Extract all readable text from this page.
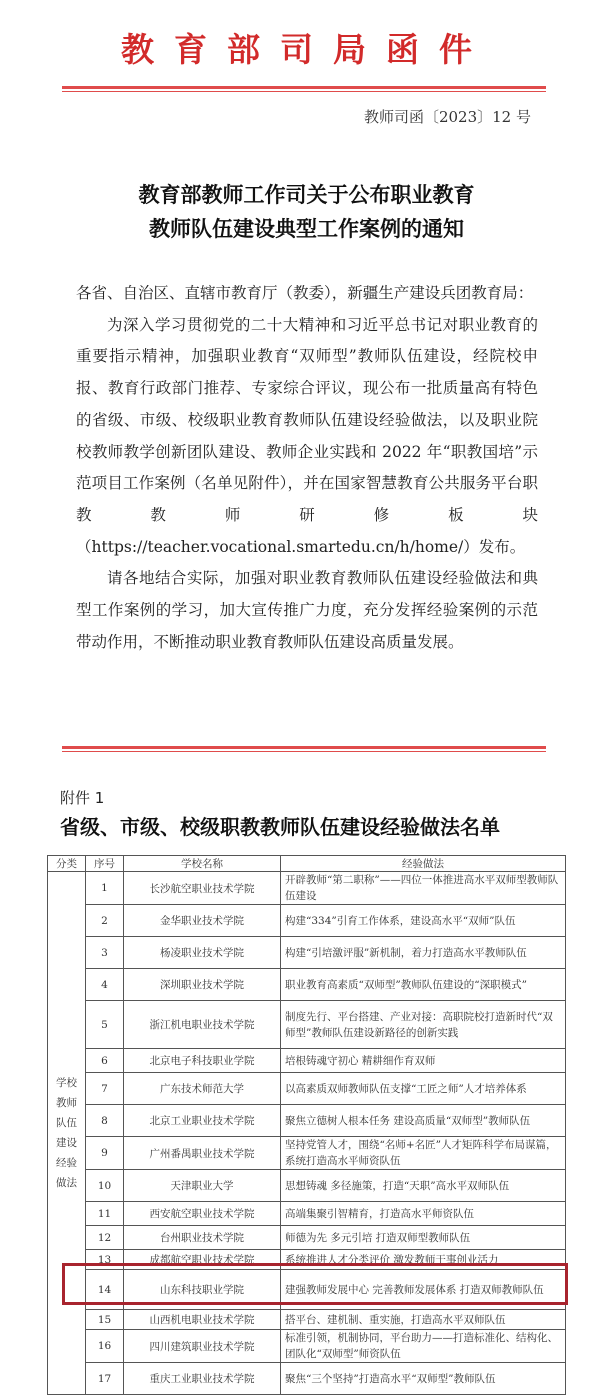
教育部司局函件
教师司函〔2023〕12 号
教育部教师工作司关于公布职业教育
教师队伍建设典型工作案例的通知

各省、自治区、直辖市教育厅（教委），新疆生产建设兵团教育局：

为深入学习贯彻党的二十大精神和习近平总书记对职业教育的重要指示精神，加强职业教育“双师型”教师队伍建设，经院校申报、教育行政部门推荐、专家综合评议，现公布一批质量高有特色的省级、市级、校级职业教育教师队伍建设经验做法，以及职业院校教师教学创新团队建设、教师企业实践和 2022 年“职教国培”示范项目工作案例（名单见附件），并在国家智慧教育公共服务平台职教教师研修板块（https://teacher.vocational.smartedu.cn/h/home/）发布。

请各地结合实际，加强对职业教育教师队伍建设经验做法和典型工作案例的学习，加大宣传推广力度，充分发挥经验案例的示范带动作用，不断推动职业教育教师队伍建设高质量发展。

附件 1
省级、市级、校级职教教师队伍建设经验做法名单
分类	序号	学校名称	经验做法
学校教师队伍建设经验做法	1	长沙航空职业技术学院	开辟教师“第二职称”——四位一体推进高水平双师型教师队伍建设
	2	金华职业技术学院	构建“334”引育工作体系，建设高水平“双师”队伍
	3	杨凌职业技术学院	构建“引培激评服”新机制，着力打造高水平教师队伍
	4	深圳职业技术学院	职业教育高素质“双师型”教师队伍建设的“深职模式”
	5	浙江机电职业技术学院	制度先行、平台搭建、产业对接：高职院校打造新时代“双师型”教师队伍建设新路径的创新实践
	6	北京电子科技职业学院	培根铸魂守初心 精耕细作育双师
	7	广东技术师范大学	以高素质双师教师队伍支撑“工匠之师”人才培养体系
	8	北京工业职业技术学院	聚焦立德树人根本任务 建设高质量“双师型”教师队伍
	9	广州番禺职业技术学院	坚持党管人才，围绕“名师+名匠”人才矩阵科学布局谋篇，系统打造高水平师资队伍
	10	天津职业大学	思想铸魂 多径施策，打造“天职”高水平双师队伍
	11	西安航空职业技术学院	高端集聚引智精育，打造高水平师资队伍
	12	台州职业技术学院	师德为先 多元引培 打造双师型教师队伍
	13	成都航空职业技术学院	系统推进人才分类评价 激发教师干事创业活力
	14	山东科技职业学院	建强教师发展中心 完善教师发展体系 打造双师教师队伍
	15	山西机电职业技术学院	搭平台、建机制、重实施，打造高水平双师队伍
	16	四川建筑职业技术学院	标准引领，机制协同，平台助力——打造标准化、结构化、团队化“双师型”师资队伍
	17	重庆工业职业技术学院	聚焦“三个坚持”打造高水平“双师型”教师队伍
